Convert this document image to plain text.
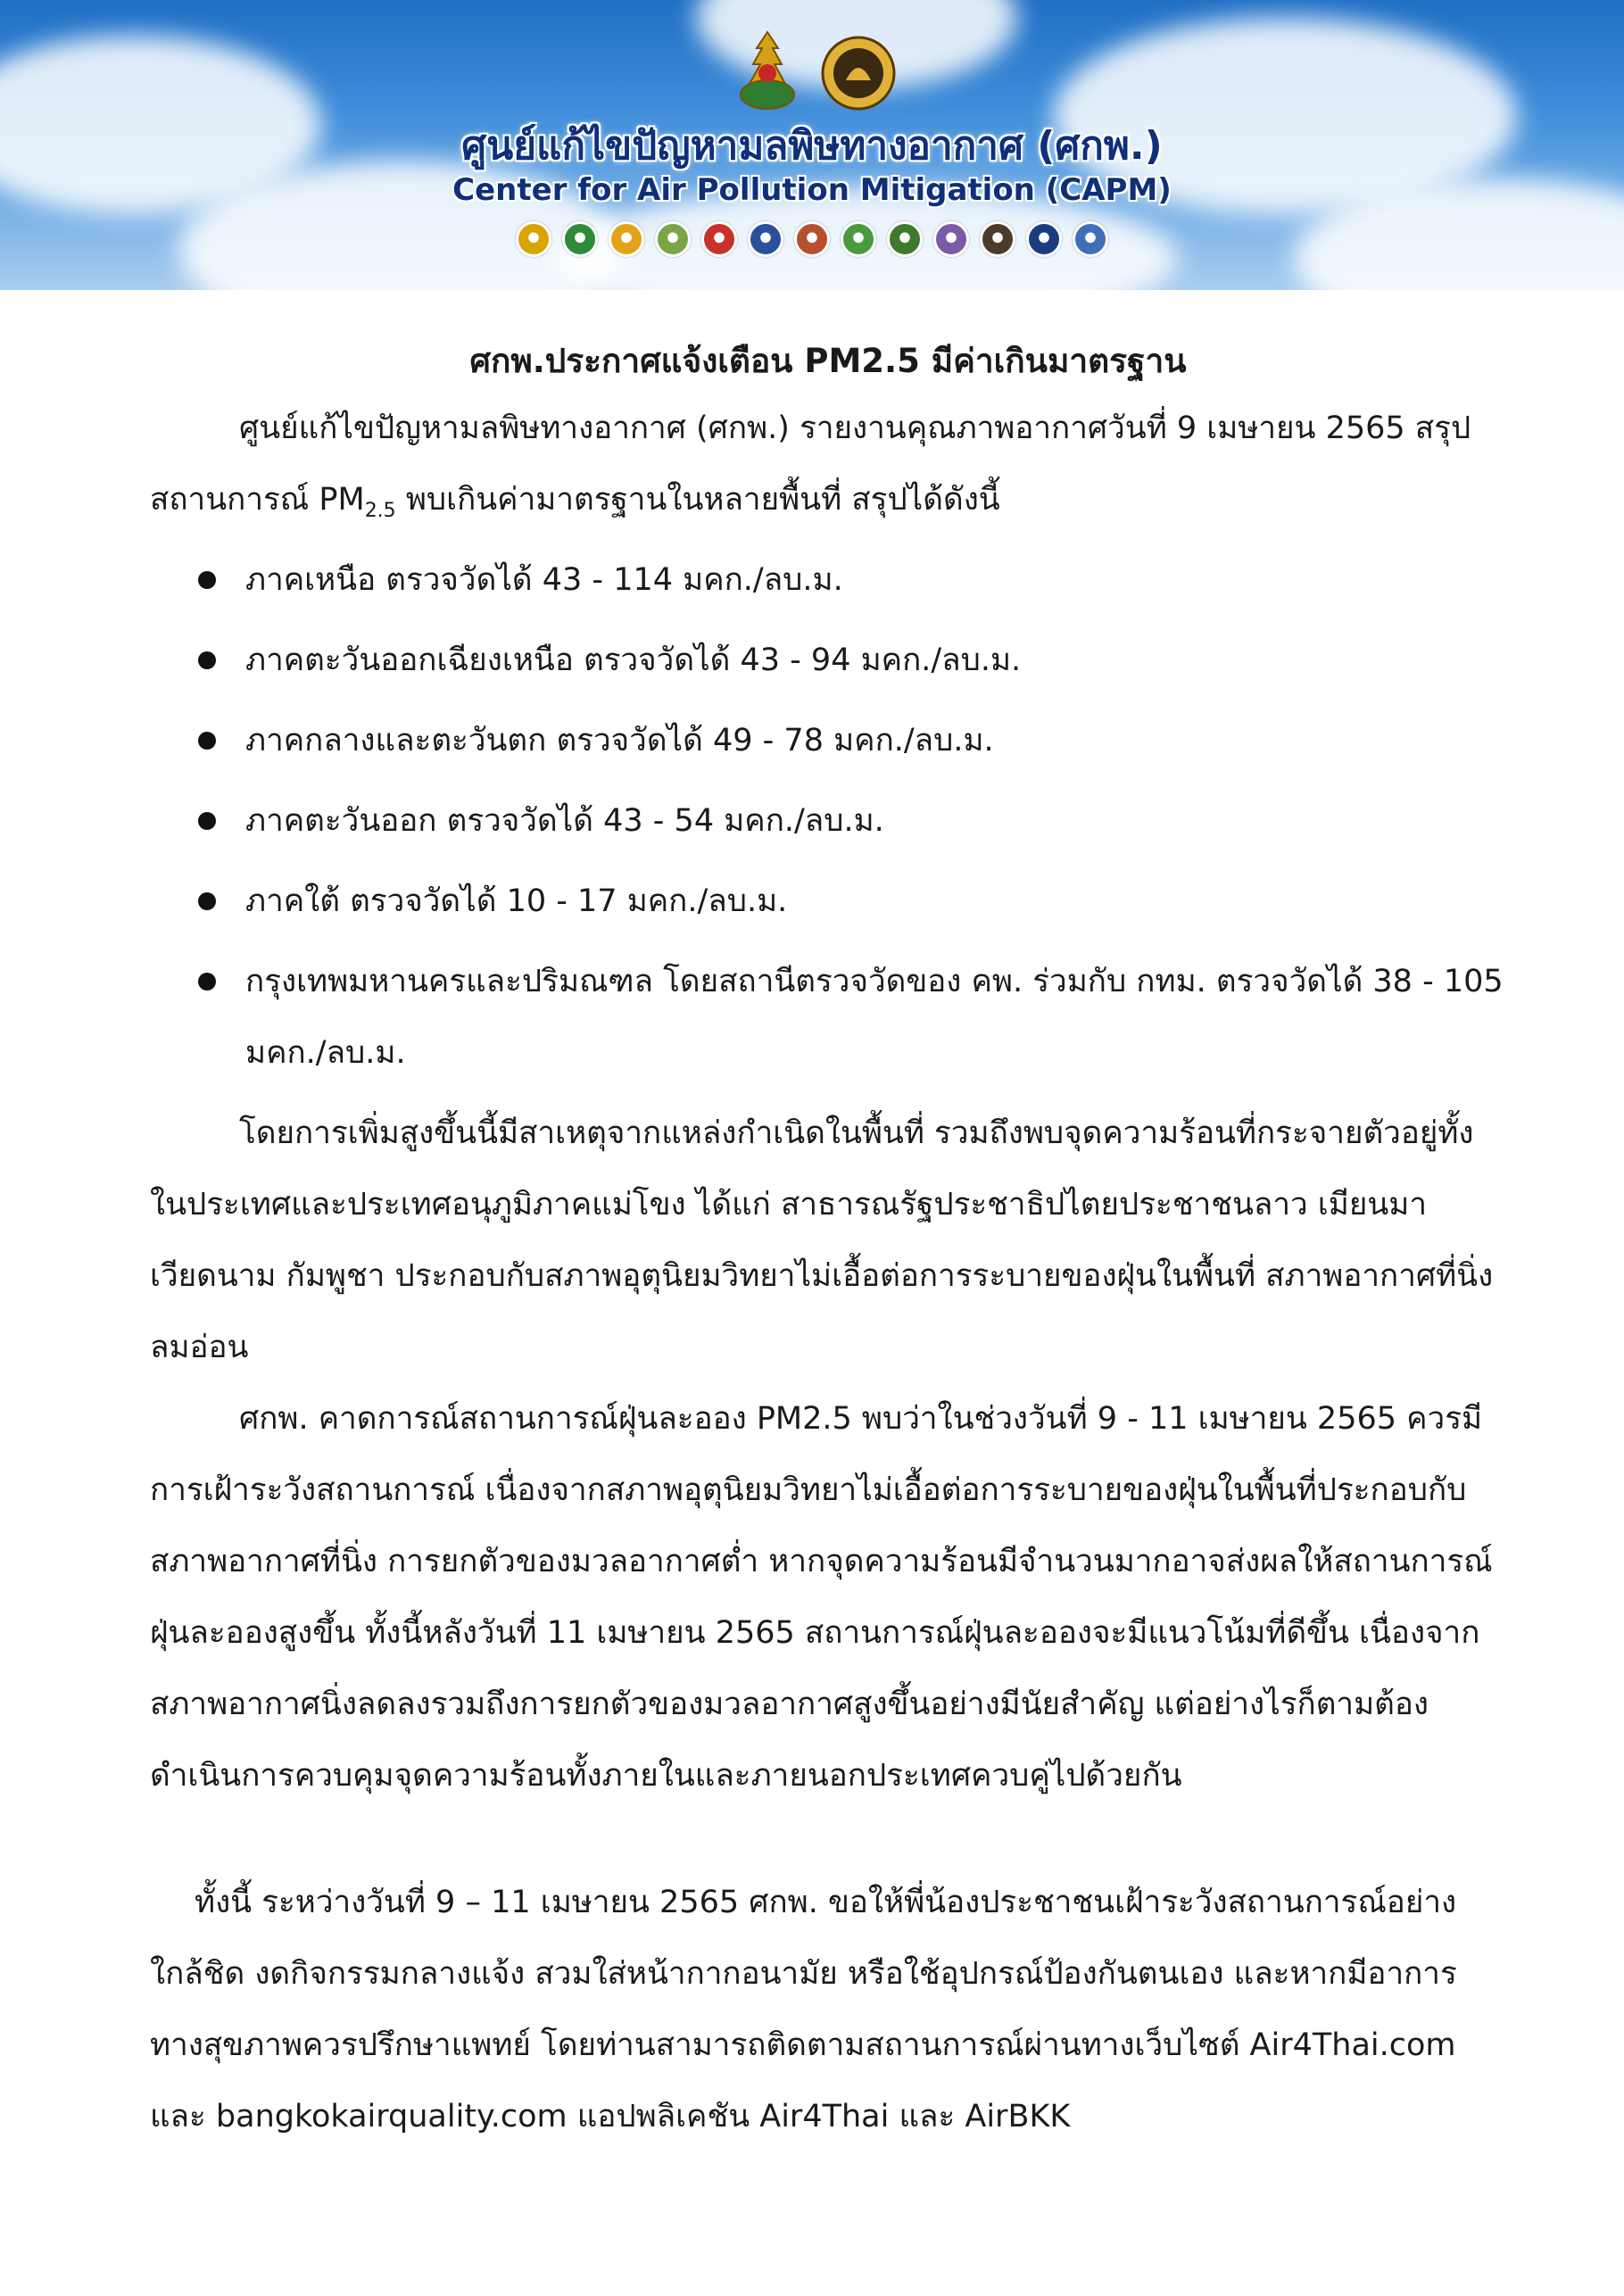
ศูนย์แก้ไขปัญหามลพิษทางอากาศ (ศกพ.)
Center for Air Pollution Mitigation (CAPM)
ศกพ.ประกาศแจ้งเตือน PM2.5 มีค่าเกินมาตรฐาน

ศูนย์แก้ไขปัญหามลพิษทางอากาศ (ศกพ.) รายงานคุณภาพอากาศวันที่ 9 เมษายน 2565 สรุปสถานการณ์ $PM_{2.5}$ พบเกินค่ามาตรฐานในหลายพื้นที่ สรุปได้ดังนี้

ภาคเหนือ ตรวจวัดได้ 43 - 114 มคก./ลบ.ม.
ภาคตะวันออกเฉียงเหนือ ตรวจวัดได้ 43 - 94 มคก./ลบ.ม.
ภาคกลางและตะวันตก ตรวจวัดได้ 49 - 78 มคก./ลบ.ม.
ภาคตะวันออก ตรวจวัดได้ 43 - 54 มคก./ลบ.ม.
ภาคใต้ ตรวจวัดได้ 10 - 17 มคก./ลบ.ม.
กรุงเทพมหานครและปริมณฑล โดยสถานีตรวจวัดของ คพ. ร่วมกับ กทม. ตรวจวัดได้ 38 - 105 มคก./ลบ.ม.

โดยการเพิ่มสูงขึ้นนี้มีสาเหตุจากแหล่งกำเนิดในพื้นที่ รวมถึงพบจุดความร้อนที่กระจายตัวอยู่ทั้งในประเทศและประเทศอนุภูมิภาคแม่โขง ได้แก่ สาธารณรัฐประชาธิปไตยประชาชนลาว เมียนมา เวียดนาม กัมพูชา ประกอบกับสภาพอุตุนิยมวิทยาไม่เอื้อต่อการระบายของฝุ่นในพื้นที่ สภาพอากาศที่นิ่ง ลมอ่อน

ศกพ. คาดการณ์สถานการณ์ฝุ่นละออง PM2.5 พบว่าในช่วงวันที่ 9 - 11 เมษายน 2565 ควรมีการเฝ้าระวังสถานการณ์ เนื่องจากสภาพอุตุนิยมวิทยาไม่เอื้อต่อการระบายของฝุ่นในพื้นที่ประกอบกับสภาพอากาศที่นิ่ง การยกตัวของมวลอากาศต่ำ หากจุดความร้อนมีจำนวนมากอาจส่งผลให้สถานการณ์ฝุ่นละอองสูงขึ้น ทั้งนี้หลังวันที่ 11 เมษายน 2565 สถานการณ์ฝุ่นละอองจะมีแนวโน้มที่ดีขึ้น เนื่องจากสภาพอากาศนิ่งลดลงรวมถึงการยกตัวของมวลอากาศสูงขึ้นอย่างมีนัยสำคัญ แต่อย่างไรก็ตามต้องดำเนินการควบคุมจุดความร้อนทั้งภายในและภายนอกประเทศควบคู่ไปด้วยกัน

ทั้งนี้ ระหว่างวันที่ 9 – 11 เมษายน 2565 ศกพ. ขอให้พี่น้องประชาชนเฝ้าระวังสถานการณ์อย่างใกล้ชิด งดกิจกรรมกลางแจ้ง สวมใส่หน้ากากอนามัย หรือใช้อุปกรณ์ป้องกันตนเอง และหากมีอาการทางสุขภาพควรปรึกษาแพทย์ โดยท่านสามารถติดตามสถานการณ์ผ่านทางเว็บไซต์ Air4Thai.com และ bangkokairquality.com แอปพลิเคชัน Air4Thai และ AirBKK
